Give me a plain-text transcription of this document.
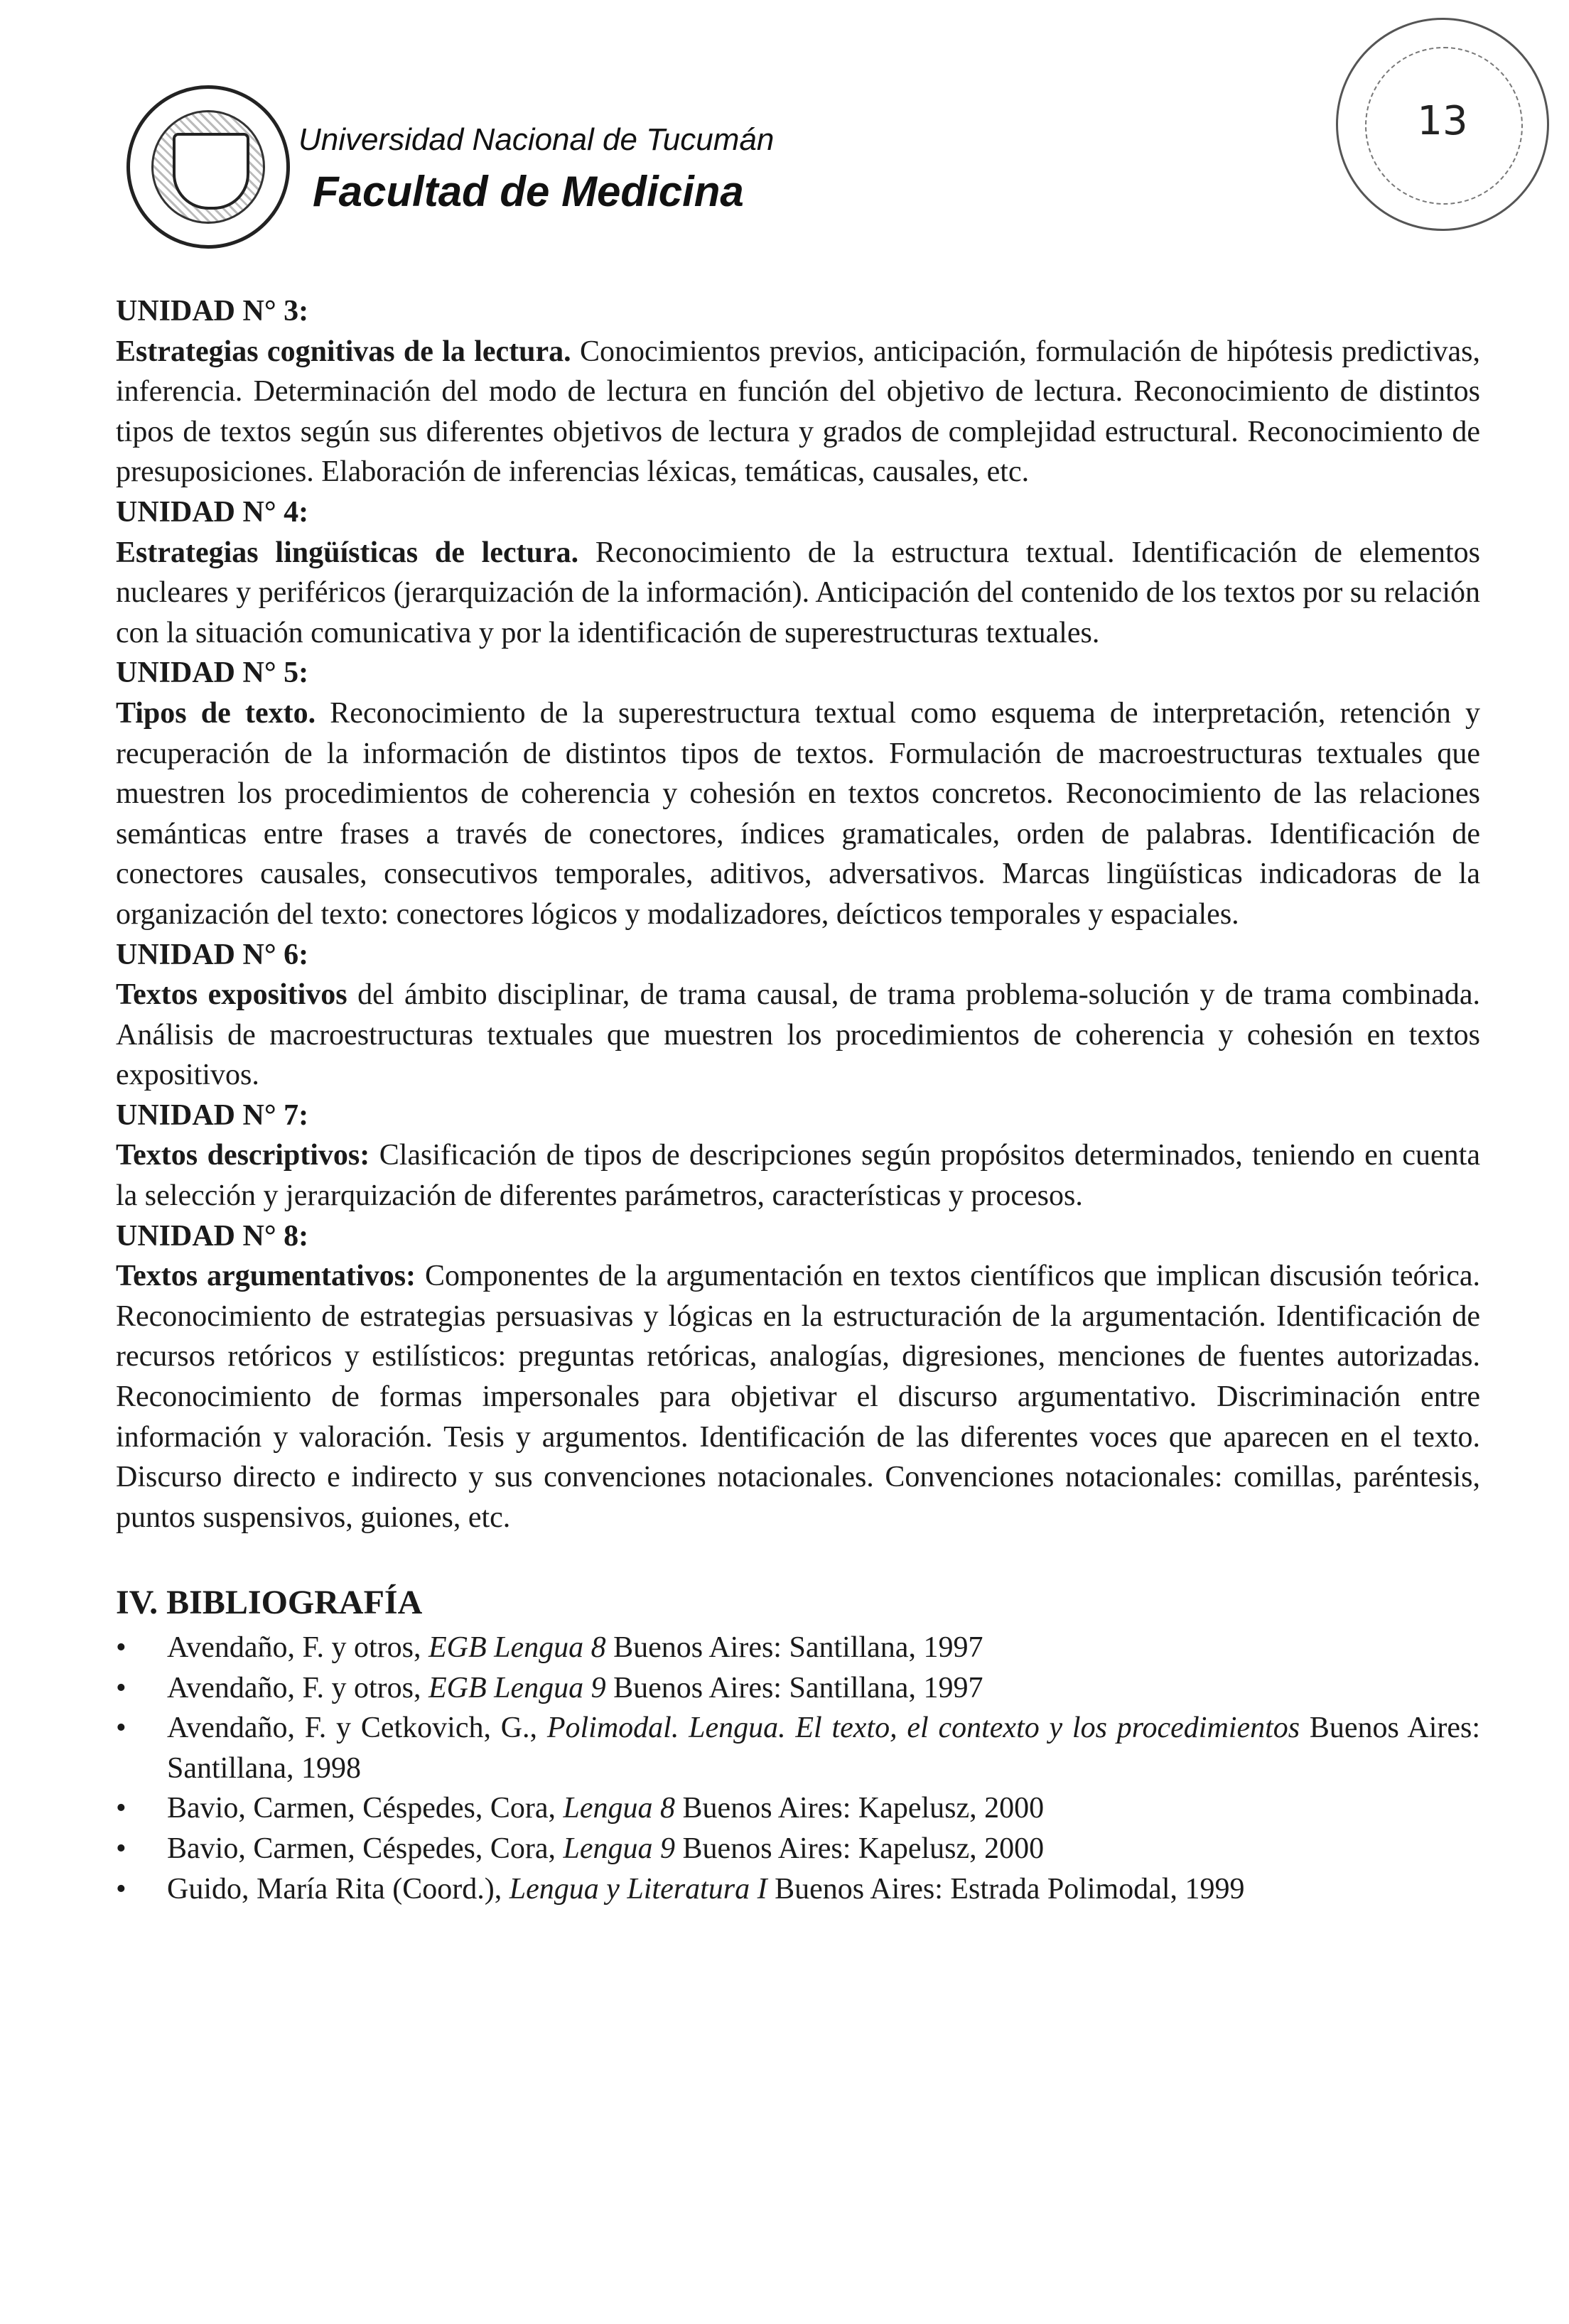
Universidad Nacional de Tucumán
Facultad de Medicina
13

UNIDAD N° 3:

Estrategias cognitivas de la lectura. Conocimientos previos, anticipación, formulación de hipótesis predictivas, inferencia. Determinación del modo de lectura en función del objetivo de lectura. Reconocimiento de distintos tipos de textos según sus diferentes objetivos de lectura y grados de complejidad estructural. Reconocimiento de presuposiciones. Elaboración de inferencias léxicas, temáticas, causales, etc.

UNIDAD N° 4:

Estrategias lingüísticas de lectura. Reconocimiento de la estructura textual. Identificación de elementos nucleares y periféricos (jerarquización de la información). Anticipación del contenido de los textos por su relación con la situación comunicativa y por la identificación de superestructuras textuales.

UNIDAD N° 5:

Tipos de texto. Reconocimiento de la superestructura textual como esquema de interpretación, retención y recuperación de la información de distintos tipos de textos. Formulación de macroestructuras textuales que muestren los procedimientos de coherencia y cohesión en textos concretos. Reconocimiento de las relaciones semánticas entre frases a través de conectores, índices gramaticales, orden de palabras. Identificación de conectores causales, consecutivos temporales, aditivos, adversativos. Marcas lingüísticas indicadoras de la organización del texto: conectores lógicos y modalizadores, deícticos temporales y espaciales.

UNIDAD N° 6:

Textos expositivos del ámbito disciplinar, de trama causal, de trama problema-solución y de trama combinada. Análisis de macroestructuras textuales que muestren los procedimientos de coherencia y cohesión en textos expositivos.

UNIDAD N° 7:

Textos descriptivos: Clasificación de tipos de descripciones según propósitos determinados, teniendo en cuenta la selección y jerarquización de diferentes parámetros, características y procesos.

UNIDAD N° 8:

Textos argumentativos: Componentes de la argumentación en textos científicos que implican discusión teórica. Reconocimiento de estrategias persuasivas y lógicas en la estructuración de la argumentación. Identificación de recursos retóricos y estilísticos: preguntas retóricas, analogías, digresiones, menciones de fuentes autorizadas. Reconocimiento de formas impersonales para objetivar el discurso argumentativo. Discriminación entre información y valoración. Tesis y argumentos. Identificación de las diferentes voces que aparecen en el texto. Discurso directo e indirecto y sus convenciones notacionales. Convenciones notacionales: comillas, paréntesis, puntos suspensivos, guiones, etc.

IV. BIBLIOGRAFÍA

• Avendaño, F. y otros, EGB Lengua 8 Buenos Aires: Santillana, 1997
• Avendaño, F. y otros, EGB Lengua 9 Buenos Aires: Santillana, 1997
• Avendaño, F. y Cetkovich, G., Polimodal. Lengua. El texto, el contexto y los procedimientos Buenos Aires: Santillana, 1998
• Bavio, Carmen, Céspedes, Cora, Lengua 8 Buenos Aires: Kapelusz, 2000
• Bavio, Carmen, Céspedes, Cora, Lengua 9 Buenos Aires: Kapelusz, 2000
• Guido, María Rita (Coord.), Lengua y Literatura I Buenos Aires: Estrada Polimodal, 1999
